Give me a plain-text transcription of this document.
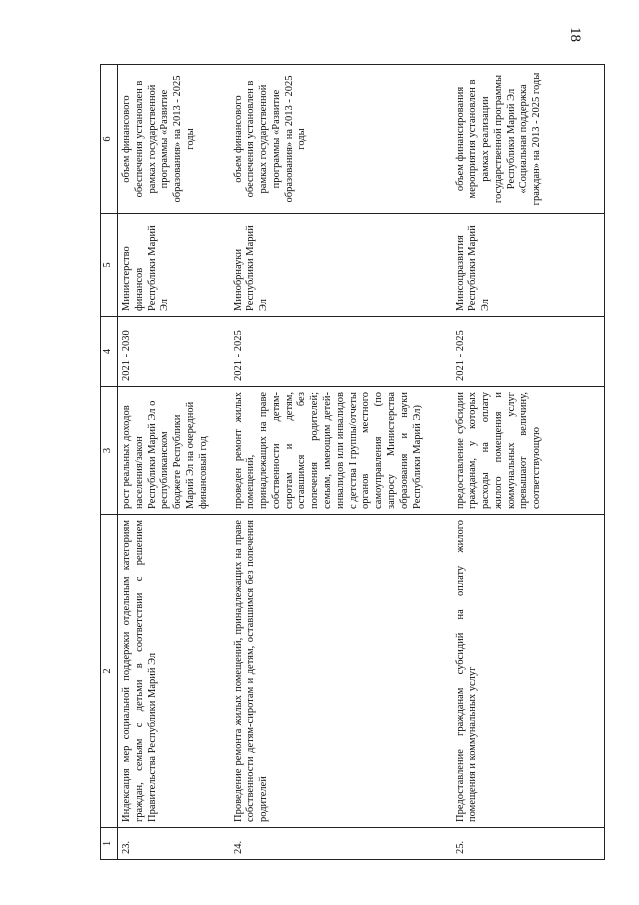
18
1	2	3	4	5	6
23.	Индексация мер социальной поддержки отдельным категориям граждан, семьям с детьми в соответствии с решением Правительства Республики Марий Эл	рост реальных доходов населения/закон Республики Марий Эл о республиканском бюджете Республики Марий Эл на очередной финансовый год	2021 - 2030	Министерство финансов Республики Марий Эл	объем финансового обеспечения установлен в рамках государственной программы «Развитие образования» на 2013 - 2025 годы
24.	Проведение ремонта жилых помещений, принадлежащих на праве собственности детям-сиротам и детям, оставшимся без попечения родителей	проведен ремонт жилых помещений, принадлежащих на праве собственности детям-сиротам и детям, оставшимся без попечения родителей; семьям, имеющим детей-инвалидов или инвалидов с детства I группы/отчеты органов местного самоуправления (по запросу Министерства образования и науки Республики Марий Эл)	2021 - 2025	Минобрнауки Республики Марий Эл	объем финансового обеспечения установлен в рамках государственной программы «Развитие образования» на 2013 - 2025 годы
25.	Предоставление гражданам субсидий на оплату жилого помещения и коммунальных услуг	предоставление субсидии гражданам, у которых расходы на оплату жилого помещения и коммунальных услуг превышают величину, соответствующую	2021 - 2025	Минсоцразвития Республики Марий Эл	объем финансирования мероприятия установлен в рамках реализации государственной программы Республики Марий Эл «Социальная поддержка граждан» на 2013 - 2025 годы
